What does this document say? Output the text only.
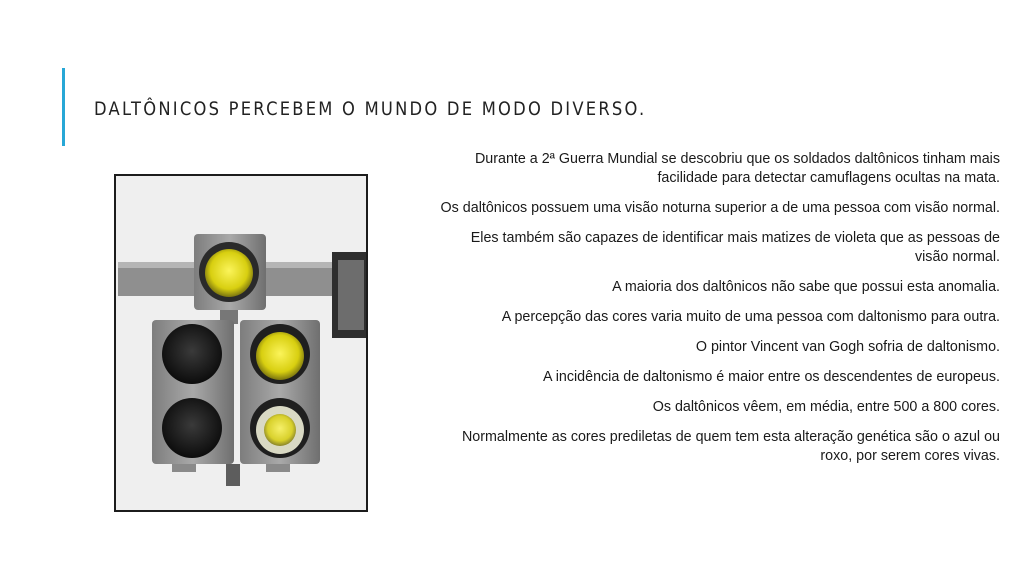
DALTÔNICOS PERCEBEM O MUNDO DE MODO DIVERSO.
Durante a 2ª Guerra Mundial se descobriu que os soldados daltônicos tinham mais facilidade para detectar camuflagens ocultas na mata.
Os daltônicos possuem uma visão noturna superior a de uma pessoa com visão normal.
Eles também são capazes de identificar mais matizes de violeta que as pessoas de visão normal.
A maioria dos daltônicos não sabe que possui esta anomalia.
A percepção das cores varia muito de uma pessoa com daltonismo para outra.
O pintor Vincent van Gogh sofria de daltonismo.
A incidência de daltonismo é maior entre os descendentes de europeus.
Os daltônicos vêem, em média, entre 500 a 800 cores.
Normalmente as cores prediletas de quem tem esta alteração genética são o azul ou roxo, por serem cores vivas.
